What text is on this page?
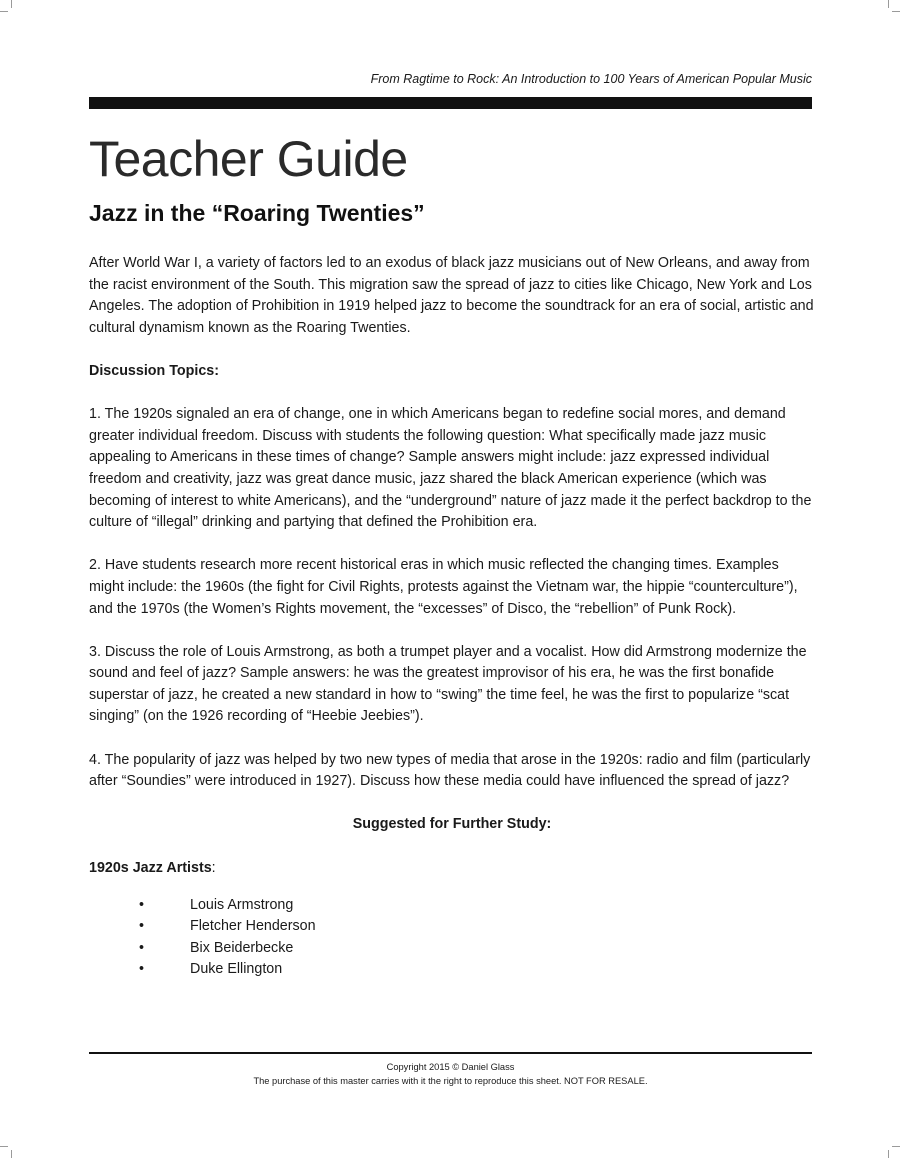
From Ragtime to Rock: An Introduction to 100 Years of American Popular Music
Teacher Guide
Jazz in the “Roaring Twenties”

After World War I, a variety of factors led to an exodus of black jazz musicians out of New Orleans, and away from the racist environment of the South. This migration saw the spread of jazz to cities like Chicago, New York and Los Angeles. The adoption of Prohibition in 1919 helped jazz to become the soundtrack for an era of social, artistic and cultural dynamism known as the Roaring Twenties.

Discussion Topics:

1. The 1920s signaled an era of change, one in which Americans began to redefine social mores, and demand greater individual freedom. Discuss with students the following question: What specifically made jazz music appealing to Americans in these times of change? Sample answers might include: jazz expressed individual freedom and creativity, jazz was great dance music, jazz shared the black American experience (which was becoming of interest to white Americans), and the “underground” nature of jazz made it the perfect backdrop to the culture of “illegal” drinking and partying that defined the Prohibition era.

2. Have students research more recent historical eras in which music reflected the changing times. Examples might include: the 1960s (the fight for Civil Rights, protests against the Vietnam war, the hippie “counterculture”), and the 1970s (the Women’s Rights movement, the “excesses” of Disco, the “rebellion” of Punk Rock).

3. Discuss the role of Louis Armstrong, as both a trumpet player and a vocalist. How did Armstrong modernize the sound and feel of jazz? Sample answers: he was the greatest improvisor of his era, he was the first bonafide superstar of jazz, he created a new standard in how to “swing” the time feel, he was the first to popularize “scat singing” (on the 1926 recording of “Heebie Jeebies”).

4. The popularity of jazz was helped by two new types of media that arose in the 1920s: radio and film (particularly after “Soundies” were introduced in 1927). Discuss how these media could have influenced the spread of jazz?

Suggested for Further Study:

1920s Jazz Artists:

•	Louis Armstrong
•	Fletcher Henderson
•	Bix Beiderbecke
•	Duke Ellington
Copyright 2015 © Daniel Glass
The purchase of this master carries with it the right to reproduce this sheet. NOT FOR RESALE.
